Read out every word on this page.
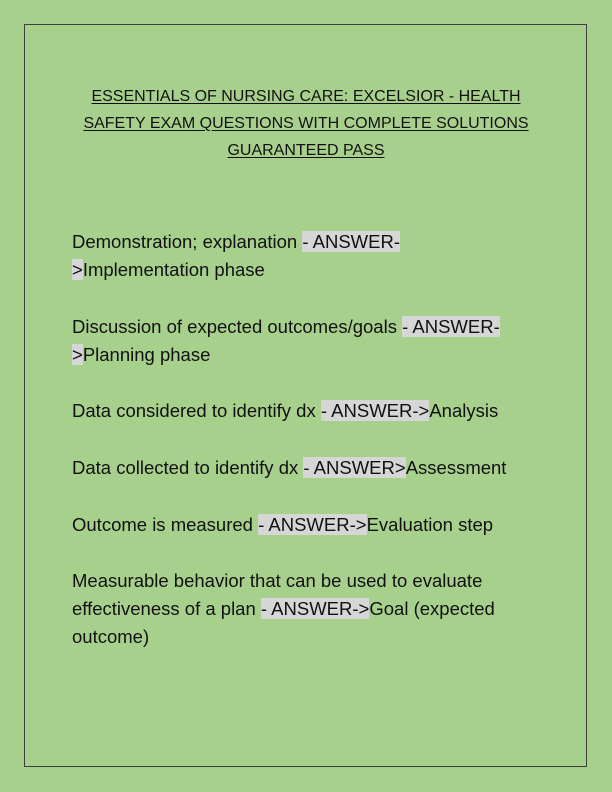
ESSENTIALS OF NURSING CARE: EXCELSIOR - HEALTH SAFETY EXAM QUESTIONS WITH COMPLETE SOLUTIONS GUARANTEED PASS
Demonstration; explanation - ANSWER-
>Implementation phase
Discussion of expected outcomes/goals - ANSWER-
>Planning phase
Data considered to identify dx - ANSWER->Analysis
Data collected to identify dx - ANSWER>Assessment
Outcome is measured - ANSWER->Evaluation step
Measurable behavior that can be used to evaluate effectiveness of a plan - ANSWER->Goal (expected outcome)
